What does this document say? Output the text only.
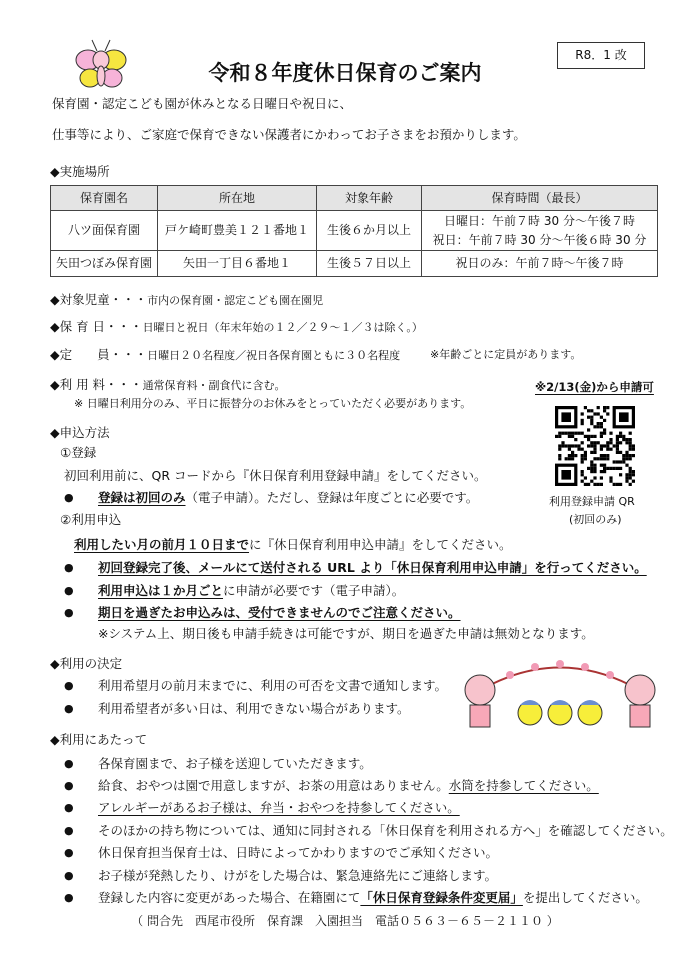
R8．1 改
令和８年度休日保育のご案内
保育園・認定こども園が休みとなる日曜日や祝日に、
仕事等により、ご家庭で保育できない保護者にかわってお子さまをお預かりします。
◆実施場所
保育園名	所在地	対象年齢	保育時間（最長）
八ツ面保育園	戸ケ崎町豊美１２１番地１	生後６か月以上	日曜日：午前７時 30 分～午後７時
祝日：午前７時 30 分～午後６時 30 分

矢田つぼみ保育園	矢田一丁目６番地１	生後５７日以上	祝日のみ：午前７時～午後７時
◆対象児童・・・市内の保育園・認定こども園在園児
◆保 育 日・・・日曜日と祝日（年末年始の１２／２９～１／３は除く。）
◆定　　員・・・日曜日２０名程度／祝日各保育園ともに３０名程度	※年齢ごとに定員があります。
◆利 用 料・・・通常保育料・副食代に含む。
※ 日曜日利用分のみ、平日に振替分のお休みをとっていただく必要があります。
◆申込方法
①登録
初回利用前に、QR コードから『休日保育利用登録申請』をしてください。
● 登録は初回のみ（電子申請）。ただし、登録は年度ごとに必要です。
②利用申込
利用したい月の前月１０日までに『休日保育利用申込申請』をしてください。
● 初回登録完了後、メールにて送付される URL より「休日保育利用申込申請」を行ってください。
● 利用申込は１か月ごとに申請が必要です（電子申請）。
● 期日を過ぎたお申込みは、受付できませんのでご注意ください。
※システム上、期日後も申請手続きは可能ですが、期日を過ぎた申請は無効となります。
※2/13(金)から申請可
利用登録申請 QR
(初回のみ)
◆利用の決定
● 利用希望月の前月末までに、利用の可否を文書で通知します。
● 利用希望者が多い日は、利用できない場合があります。
◆利用にあたって
● 各保育園まで、お子様を送迎していただきます。
● 給食、おやつは園で用意しますが、お茶の用意はありません。水筒を持参してください。
● アレルギーがあるお子様は、弁当・おやつを持参してください。
● そのほかの持ち物については、通知に同封される「休日保育を利用される方へ」を確認してください。
● 休日保育担当保育士は、日時によってかわりますのでご承知ください。
● お子様が発熱したり、けがをした場合は、緊急連絡先にご連絡します。
● 登録した内容に変更があった場合、在籍園にて「休日保育登録条件変更届」を提出してください。
（ 問合先　西尾市役所　保育課　入園担当　電話０５６３－６５－２１１０ ）
